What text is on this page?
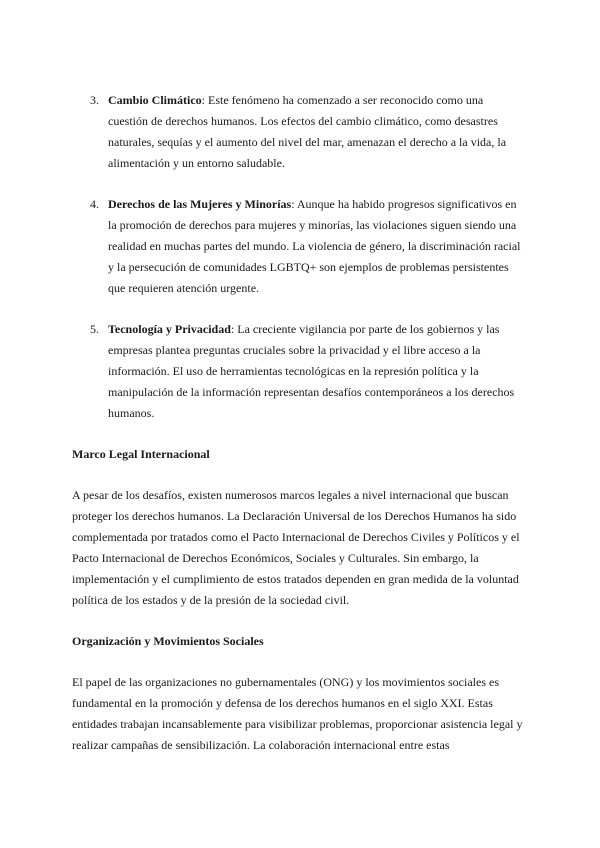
3. Cambio Climático: Este fenómeno ha comenzado a ser reconocido como una cuestión de derechos humanos. Los efectos del cambio climático, como desastres naturales, sequías y el aumento del nivel del mar, amenazan el derecho a la vida, la alimentación y un entorno saludable.
4. Derechos de las Mujeres y Minorías: Aunque ha habido progresos significativos en la promoción de derechos para mujeres y minorías, las violaciones siguen siendo una realidad en muchas partes del mundo. La violencia de género, la discriminación racial y la persecución de comunidades LGBTQ+ son ejemplos de problemas persistentes que requieren atención urgente.
5. Tecnología y Privacidad: La creciente vigilancia por parte de los gobiernos y las empresas plantea preguntas cruciales sobre la privacidad y el libre acceso a la información. El uso de herramientas tecnológicas en la represión política y la manipulación de la información representan desafíos contemporáneos a los derechos humanos.
Marco Legal Internacional

A pesar de los desafíos, existen numerosos marcos legales a nivel internacional que buscan proteger los derechos humanos. La Declaración Universal de los Derechos Humanos ha sido complementada por tratados como el Pacto Internacional de Derechos Civiles y Políticos y el Pacto Internacional de Derechos Económicos, Sociales y Culturales. Sin embargo, la implementación y el cumplimiento de estos tratados dependen en gran medida de la voluntad política de los estados y de la presión de la sociedad civil.

Organización y Movimientos Sociales

El papel de las organizaciones no gubernamentales (ONG) y los movimientos sociales es fundamental en la promoción y defensa de los derechos humanos en el siglo XXI. Estas entidades trabajan incansablemente para visibilizar problemas, proporcionar asistencia legal y realizar campañas de sensibilización. La colaboración internacional entre estas
